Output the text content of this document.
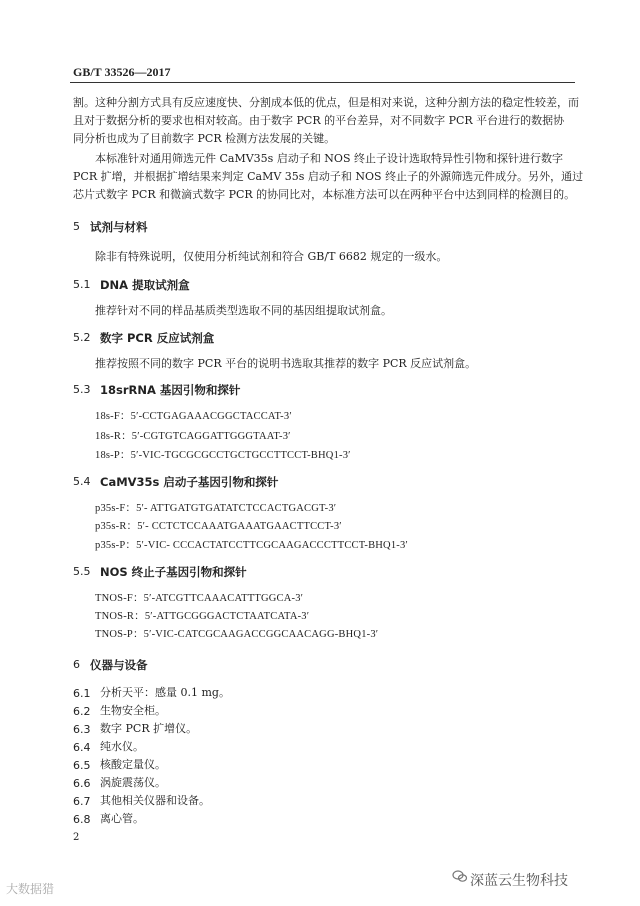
GB/T 33526—2017
割。这种分割方式具有反应速度快、分割成本低的优点，但是相对来说，这种分割方法的稳定性较差，而
且对于数据分析的要求也相对较高。由于数字 PCR 的平台差异，对不同数字 PCR 平台进行的数据协
同分析也成为了目前数字 PCR 检测方法发展的关键。
本标准针对通用筛选元件 CaMV35s 启动子和 NOS 终止子设计选取特异性引物和探针进行数字
PCR 扩增，并根据扩增结果来判定 CaMV 35s 启动子和 NOS 终止子的外源筛选元件成分。另外，通过
芯片式数字 PCR 和微滴式数字 PCR 的协同比对，本标准方法可以在两种平台中达到同样的检测目的。
5 试剂与材料
除非有特殊说明，仅使用分析纯试剂和符合 GB/T 6682 规定的一级水。
5.1 DNA 提取试剂盒
推荐针对不同的样品基质类型选取不同的基因组提取试剂盒。
5.2 数字 PCR 反应试剂盒
推荐按照不同的数字 PCR 平台的说明书选取其推荐的数字 PCR 反应试剂盒。
5.3 18srRNA 基因引物和探针
18s-F：5′-CCTGAGAAACGGCTACCAT-3′
18s-R：5′-CGTGTCAGGATTGGGTAAT-3′
18s-P：5′-VIC-TGCGCGCCTGCTGCCTTCCT-BHQ1-3′
5.4 CaMV35s 启动子基因引物和探针
p35s-F：5′- ATTGATGTGATATCTCCACTGACGT-3′
p35s-R：5′- CCTCTCCAAATGAAATGAACTTCCT-3′
p35s-P：5′-VIC- CCCACTATCCTTCGCAAGACCCTTCCT-BHQ1-3′
5.5 NOS 终止子基因引物和探针
TNOS-F：5′-ATCGTTCAAACATTTGGCA-3′
TNOS-R：5′-ATTGCGGGACTCTAATCATA-3′
TNOS-P：5′-VIC-CATCGCAAGACCGGCAACAGG-BHQ1-3′
6 仪器与设备
6.1 分析天平：感量 0.1 mg。
6.2 生物安全柜。
6.3 数字 PCR 扩增仪。
6.4 纯水仪。
6.5 核酸定量仪。
6.6 涡旋震荡仪。
6.7 其他相关仪器和设备。
6.8 离心管。
2
大数据猎	深蓝云生物科技
